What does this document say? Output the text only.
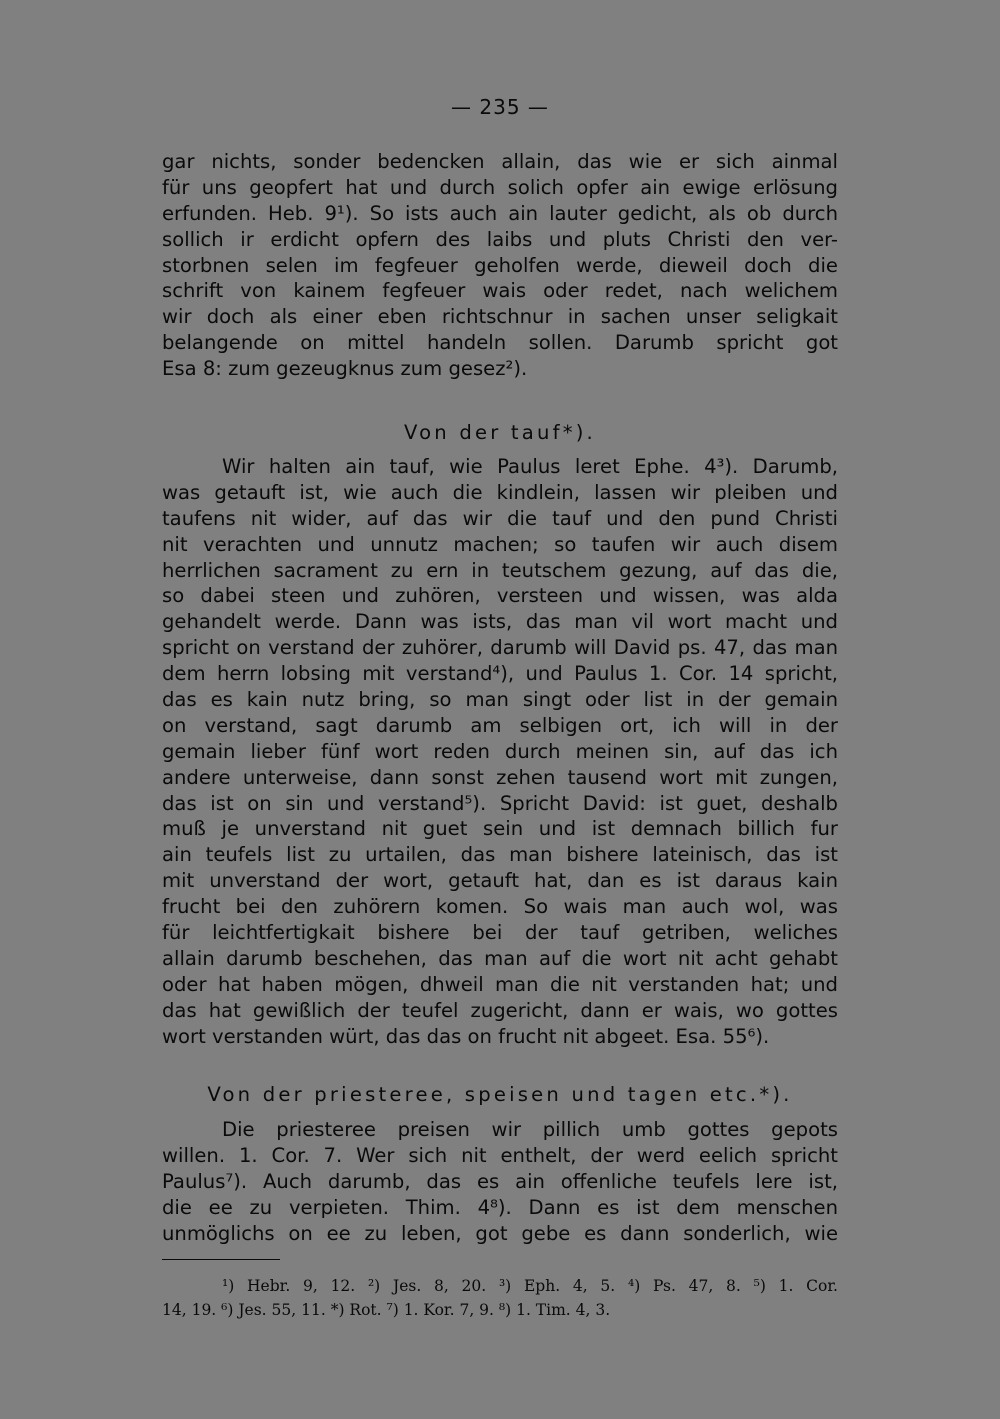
— 235 —
gar nichts, sonder bedencken allain, das wie er sich ainmal
für uns geopfert hat und durch solich opfer ain ewige erlösung
erfunden. Heb. 9¹). So ists auch ain lauter gedicht, als ob durch
sollich ir erdicht opfern des laibs und pluts Christi den ver-
storbnen selen im fegfeuer geholfen werde, dieweil doch die
schrift von kainem fegfeuer wais oder redet, nach welichem
wir doch als einer eben richtschnur in sachen unser seligkait
belangende on mittel handeln sollen. Darumb spricht got
Esa 8: zum gezeugknus zum gesez²).
Von der tauf*).
Wir halten ain tauf, wie Paulus leret Ephe. 4³). Darumb,
was getauft ist, wie auch die kindlein, lassen wir pleiben und
taufens nit wider, auf das wir die tauf und den pund Christi
nit verachten und unnutz machen; so taufen wir auch disem
herrlichen sacrament zu ern in teutschem gezung, auf das die,
so dabei steen und zuhören, versteen und wissen, was alda
gehandelt werde. Dann was ists, das man vil wort macht und
spricht on verstand der zuhörer, darumb will David ps. 47, das man
dem herrn lobsing mit verstand⁴), und Paulus 1. Cor. 14 spricht,
das es kain nutz bring, so man singt oder list in der gemain
on verstand, sagt darumb am selbigen ort, ich will in der
gemain lieber fünf wort reden durch meinen sin, auf das ich
andere unterweise, dann sonst zehen tausend wort mit zungen,
das ist on sin und verstand⁵). Spricht David: ist guet, deshalb
muß je unverstand nit guet sein und ist demnach billich fur
ain teufels list zu urtailen, das man bishere lateinisch, das ist
mit unverstand der wort, getauft hat, dan es ist daraus kain
frucht bei den zuhörern komen. So wais man auch wol, was
für leichtfertigkait bishere bei der tauf getriben, weliches
allain darumb beschehen, das man auf die wort nit acht gehabt
oder hat haben mögen, dhweil man die nit verstanden hat; und
das hat gewißlich der teufel zugericht, dann er wais, wo gottes
wort verstanden würt, das das on frucht nit abgeet. Esa. 55⁶).
Von der priesteree, speisen und tagen etc.*).
Die priesteree preisen wir pillich umb gottes gepots
willen. 1. Cor. 7. Wer sich nit enthelt, der werd eelich spricht
Paulus⁷). Auch darumb, das es ain offenliche teufels lere ist,
die ee zu verpieten. Thim. 4⁸). Dann es ist dem menschen
unmöglichs on ee zu leben, got gebe es dann sonderlich, wie
¹) Hebr. 9, 12. ²) Jes. 8, 20. ³) Eph. 4, 5. ⁴) Ps. 47, 8. ⁵) 1. Cor.
14, 19. ⁶) Jes. 55, 11. *) Rot. ⁷) 1. Kor. 7, 9. ⁸) 1. Tim. 4, 3.
